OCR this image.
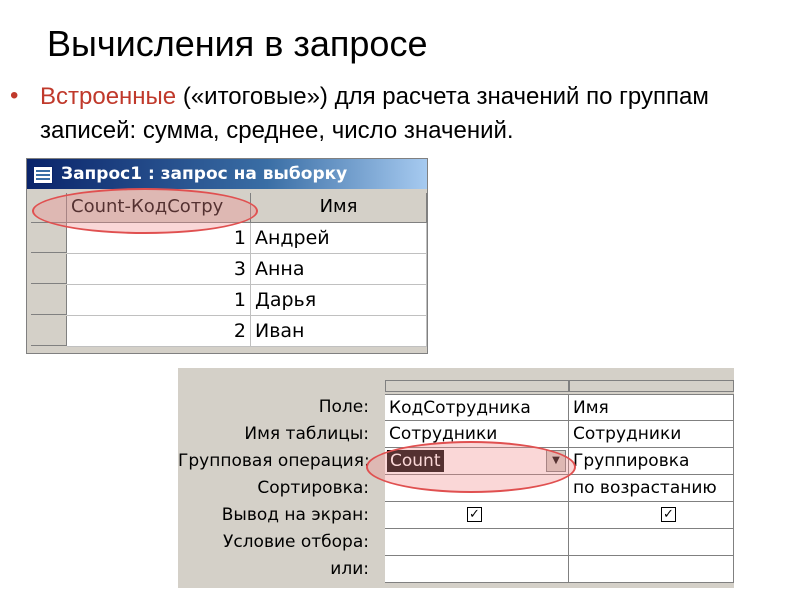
Вычисления в запросе
• Встроенные («итоговые») для расчета значений по группам записей: сумма, среднее, число значений.
Запрос1 : запрос на выборку
Count-КодСотру	Имя
1 Андрей
3 Анна
1 Дарья
2 Иван
Поле:
Имя таблицы:
Групповая операция:
Сортировка:
Вывод на экран:
Условие отбора:
или:
КодСотрудника
Сотрудники
Count	▼
✓
Имя
Сотрудники
Группировка
по возрастанию
✓
